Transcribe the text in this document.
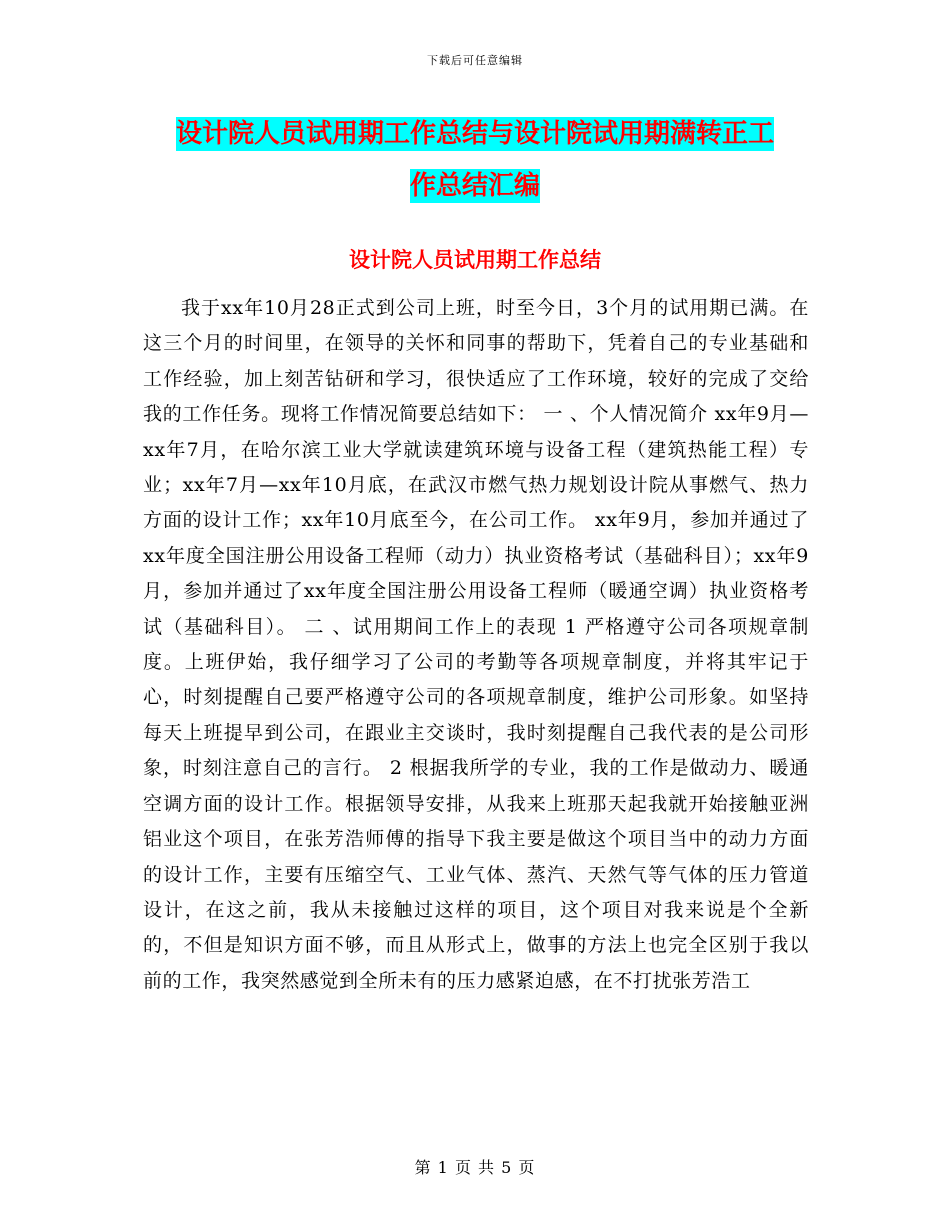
下载后可任意编辑
设计院人员试用期工作总结与设计院试用期满转正工
作总结汇编
设计院人员试用期工作总结

我于xx年10月28正式到公司上班，时至今日，3个月的试用期已满。在这三个月的时间里，在领导的关怀和同事的帮助下，凭着自己的专业基础和工作经验，加上刻苦钻研和学习，很快适应了工作环境，较好的完成了交给我的工作任务。现将工作情况简要总结如下： 一 、个人情况简介 xx年9月—xx年7月，在哈尔滨工业大学就读建筑环境与设备工程（建筑热能工程）专业；xx年7月—xx年10月底，在武汉市燃气热力规划设计院从事燃气、热力方面的设计工作；xx年10月底至今，在公司工作。 xx年9月，参加并通过了xx年度全国注册公用设备工程师（动力）执业资格考试（基础科目）；xx年9月，参加并通过了xx年度全国注册公用设备工程师（暖通空调）执业资格考试（基础科目）。 二 、试用期间工作上的表现 1 严格遵守公司各项规章制度。上班伊始，我仔细学习了公司的考勤等各项规章制度，并将其牢记于心，时刻提醒自己要严格遵守公司的各项规章制度，维护公司形象。如坚持每天上班提早到公司，在跟业主交谈时，我时刻提醒自己我代表的是公司形象，时刻注意自己的言行。 2 根据我所学的专业，我的工作是做动力、暖通空调方面的设计工作。根据领导安排，从我来上班那天起我就开始接触亚洲铝业这个项目，在张芳浩师傅的指导下我主要是做这个项目当中的动力方面的设计工作，主要有压缩空气、工业气体、蒸汽、天然气等气体的压力管道设计，在这之前，我从未接触过这样的项目，这个项目对我来说是个全新的，不但是知识方面不够，而且从形式上，做事的方法上也完全区别于我以前的工作，我突然感觉到全所未有的压力感紧迫感，在不打扰张芳浩工

第 1 页 共 5 页
